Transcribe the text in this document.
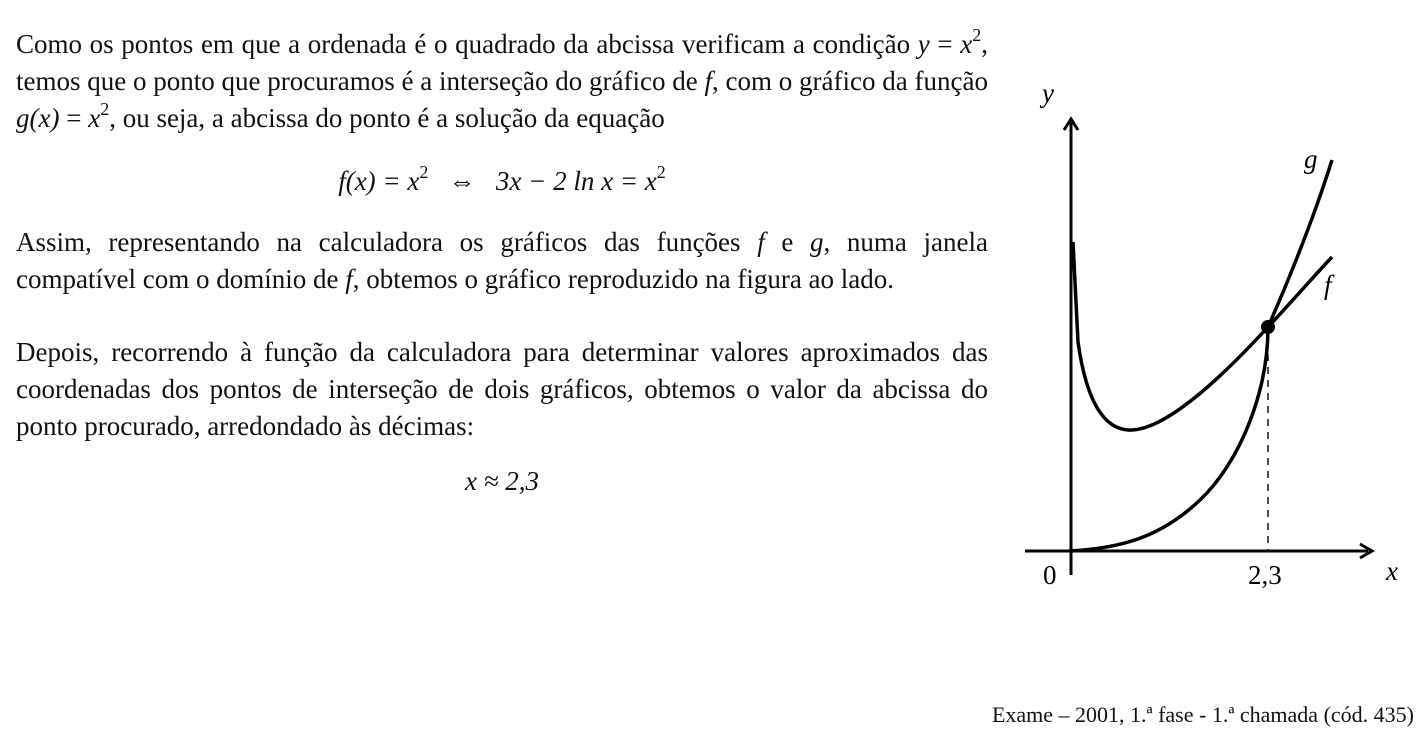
Como os pontos em que a ordenada é o quadrado da abcissa verificam a condição $y = x^2$, temos que o ponto que procuramos é a interseção do gráfico de f, com o gráfico da função $g(x) = x^2$, ou seja, a abcissa do ponto é a solução da equação

$f(x) = x^2$ ⇔ 3x − 2 $\ln x = x^2$

Assim, representando na calculadora os gráficos das funções f e g, numa janela compatível com o domínio de f, obtemos o gráfico reproduzido na figura ao lado.

Depois, recorrendo à função da calculadora para determinar valores aproximados das coordenadas dos pontos de interseção de dois gráficos, obtemos o valor da abcissa do ponto procurado, arredondado às décimas:

x ≈ 2,3
y
x
0	2,3
g
f
Exame – 2001, 1.ª fase - 1.ª chamada (cód. 435)
